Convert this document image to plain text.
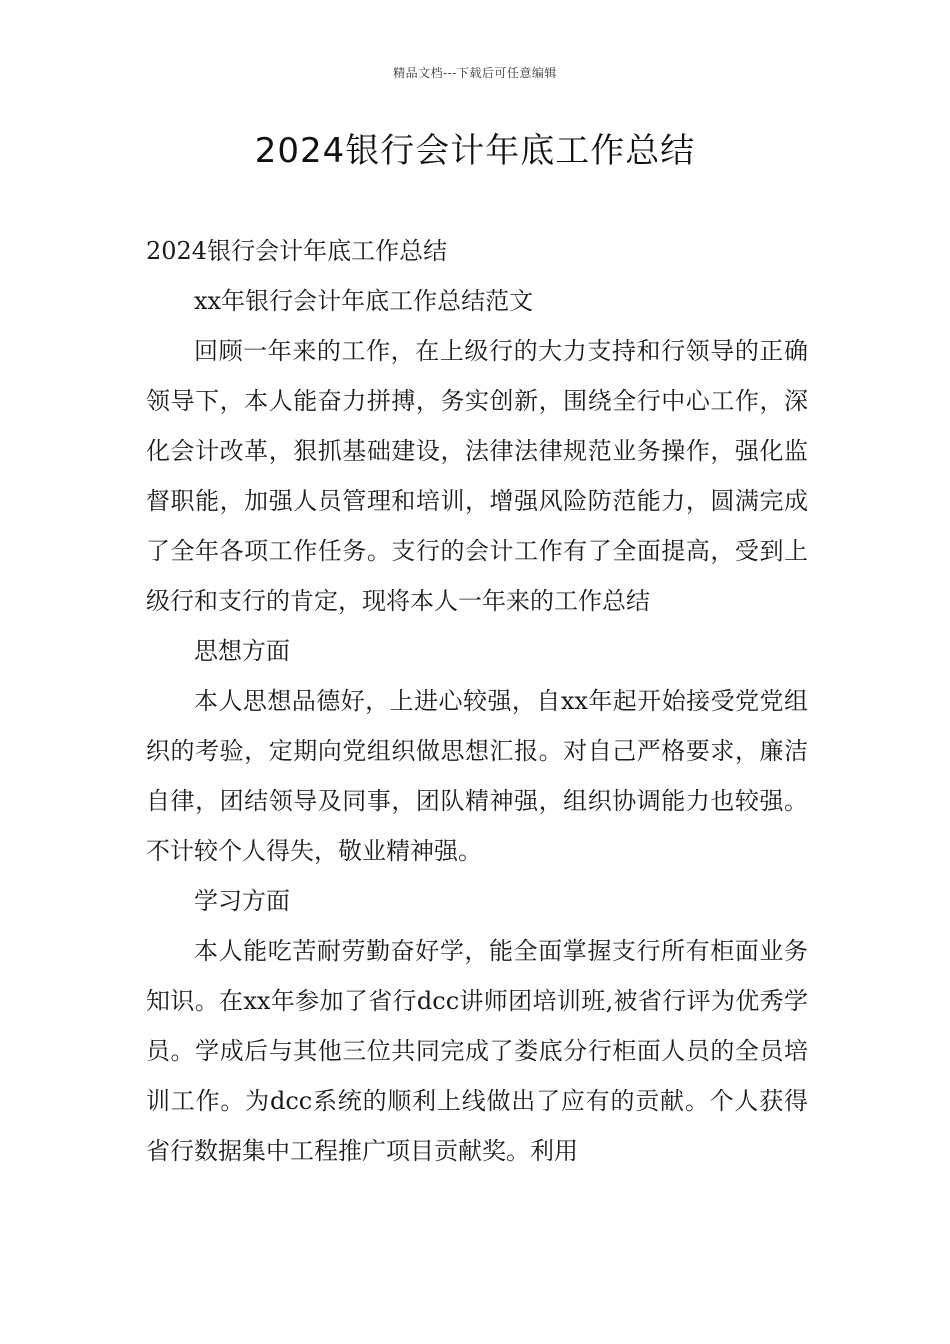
精品文档---下载后可任意编辑
2024银行会计年底工作总结

2024银行会计年底工作总结

xx年银行会计年底工作总结范文

回顾一年来的工作，在上级行的大力支持和行领导的正确领导下，本人能奋力拼搏，务实创新，围绕全行中心工作，深化会计改革，狠抓基础建设，法律法律规范业务操作，强化监督职能，加强人员管理和培训，增强风险防范能力，圆满完成了全年各项工作任务。支行的会计工作有了全面提高，受到上级行和支行的肯定，现将本人一年来的工作总结

思想方面

本人思想品德好，上进心较强，自xx年起开始接受党党组织的考验，定期向党组织做思想汇报。对自己严格要求，廉洁自律，团结领导及同事，团队精神强，组织协调能力也较强。不计较个人得失，敬业精神强。

学习方面

本人能吃苦耐劳勤奋好学，能全面掌握支行所有柜面业务知识。在xx年参加了省行dcc讲师团培训班,被省行评为优秀学员。学成后与其他三位共同完成了娄底分行柜面人员的全员培训工作。为dcc系统的顺利上线做出了应有的贡献。个人获得省行数据集中工程推广项目贡献奖。利用
